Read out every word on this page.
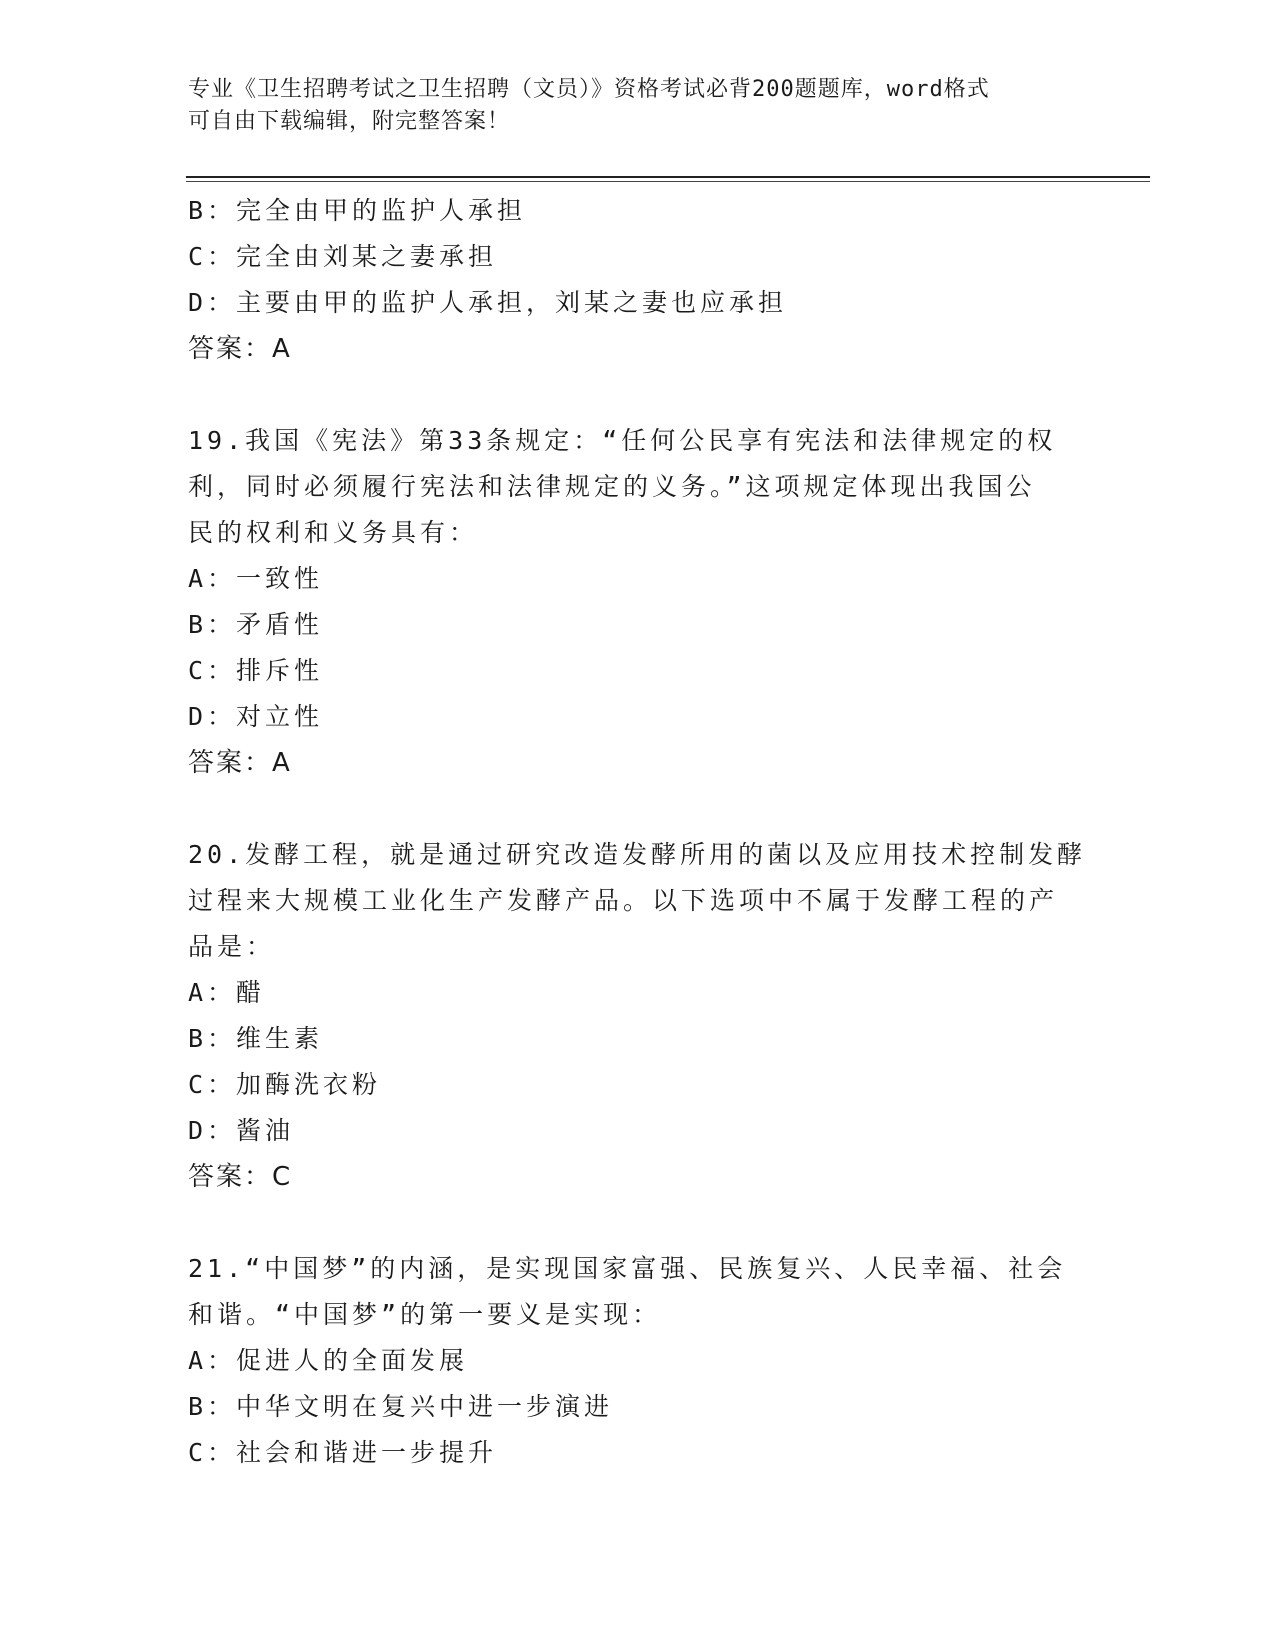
专业《卫生招聘考试之卫生招聘（文员）》资格考试必背200题题库，word格式
可自由下载编辑，附完整答案！
B：完全由甲的监护人承担
C：完全由刘某之妻承担
D：主要由甲的监护人承担，刘某之妻也应承担
答案：A
19.我国《宪法》第33条规定：“任何公民享有宪法和法律规定的权
利，同时必须履行宪法和法律规定的义务。”这项规定体现出我国公
民的权利和义务具有：
A：一致性
B：矛盾性
C：排斥性
D：对立性
答案：A
20.发酵工程，就是通过研究改造发酵所用的菌以及应用技术控制发酵
过程来大规模工业化生产发酵产品。以下选项中不属于发酵工程的产
品是：
A：醋
B：维生素
C：加酶洗衣粉
D：酱油
答案：C
21.“中国梦”的内涵，是实现国家富强、民族复兴、人民幸福、社会
和谐。“中国梦”的第一要义是实现：
A：促进人的全面发展
B：中华文明在复兴中进一步演进
C：社会和谐进一步提升
